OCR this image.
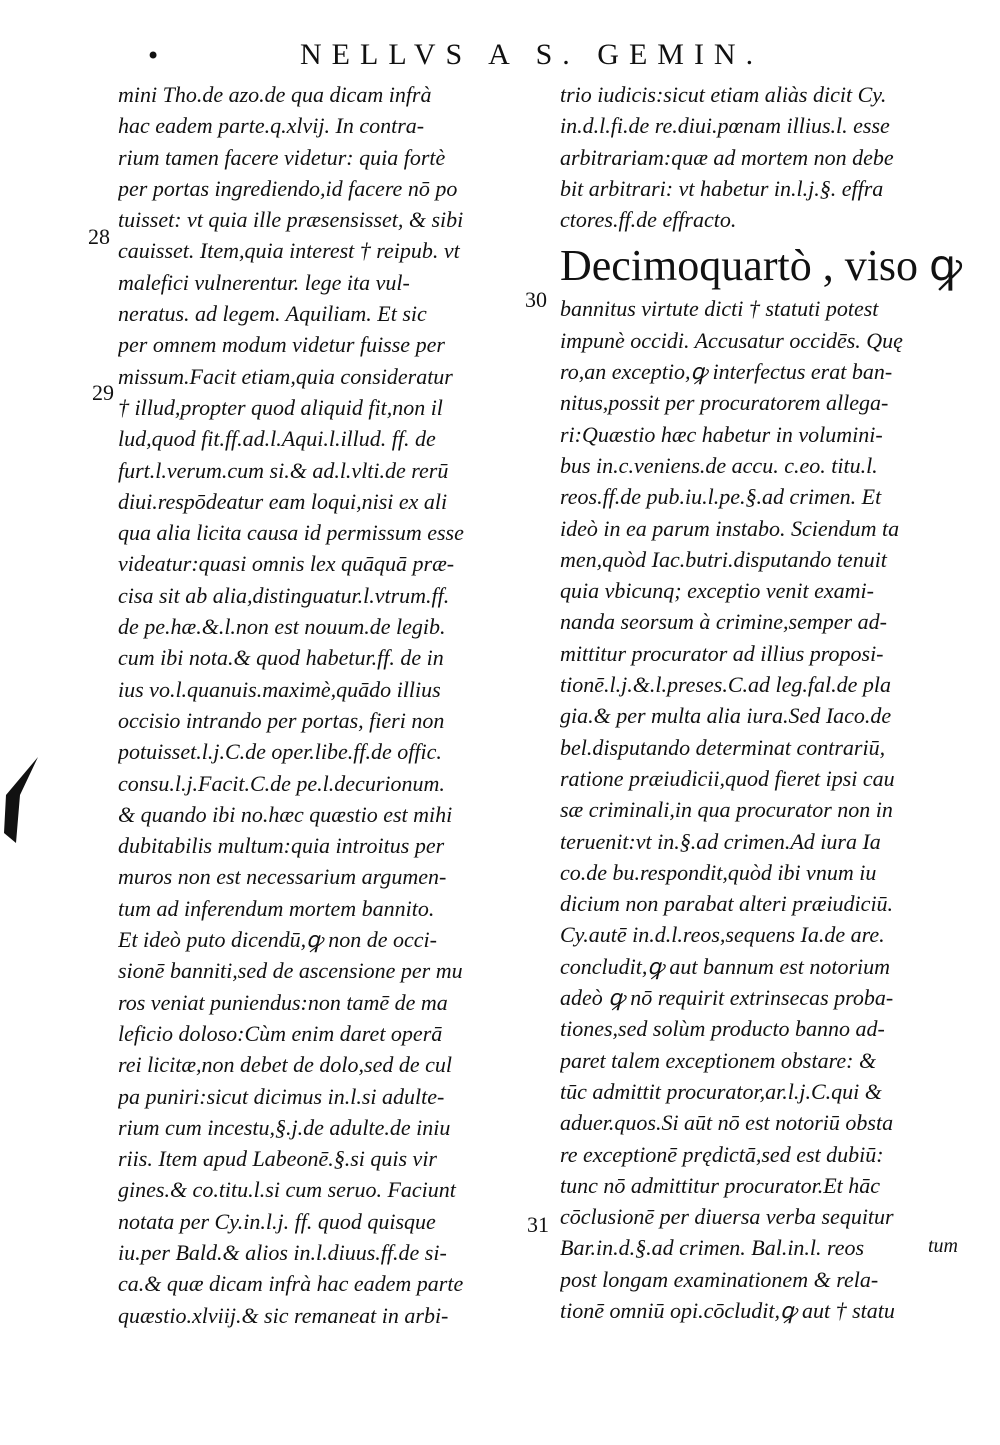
•	NELLVS A S. GEMIN.
mini Tho.de azo.de qua dicam infrà
hac eadem parte.q.xlvij. In contra-
rium tamen facere videtur: quia fortè
per portas ingrediendo,id facere nō po
tuisset: vt quia ille præsensisset, & sibi
cauisset. Item,quia interest † reipub. vt
malefici vulnerentur. lege ita vul-
neratus. ad legem. Aquiliam. Et sic
per omnem modum videtur fuisse per
missum.Facit etiam,quia consideratur
† illud,propter quod aliquid fit,non il
lud,quod fit.ff.ad.l.Aqui.l.illud. ff. de
furt.l.verum.cum si.& ad.l.vlti.de rerū
diui.respōdeatur eam loqui,nisi ex ali
qua alia licita causa id permissum esse
videatur:quasi omnis lex quāquā præ-
cisa sit ab alia,distinguatur.l.vtrum.ff.
de pe.hæ.&.l.non est nouum.de legib.
cum ibi nota.& quod habetur.ff. de in
ius vo.l.quanuis.maximè,quādo illius
occisio intrando per portas, fieri non
potuisset.l.j.C.de oper.libe.ff.de offic.
consu.l.j.Facit.C.de pe.l.decurionum.
& quando ibi no.hæc quæstio est mihi
dubitabilis multum:quia introitus per
muros non est necessarium argumen-
tum ad inferendum mortem bannito.
Et ideò puto dicendū,ꝙ non de occi-
sionē banniti,sed de ascensione per mu
ros veniat puniendus:non tamē de ma
leficio doloso:Cùm enim daret operā
rei licitæ,non debet de dolo,sed de cul
pa puniri:sicut dicimus in.l.si adulte-
rium cum incestu,§.j.de adulte.de iniu
riis. Item apud Labeonē.§.si quis vir
gines.& co.titu.l.si cum seruo. Faciunt
notata per Cy.in.l.j. ff. quod quisque
iu.per Bald.& alios in.l.diuus.ff.de si-
ca.& quæ dicam infrà hac eadem parte
quæstio.xlviij.& sic remaneat in arbi-
trio iudicis:sicut etiam aliàs dicit Cy.
in.d.l.fi.de re.diui.pœnam illius.l. esse
arbitrariam:quæ ad mortem non debe
bit arbitrari: vt habetur in.l.j.§. effra
ctores.ff.de effracto.
Decimoquartò , viso ꝙ
bannitus virtute dicti † statuti potest
impunè occidi. Accusatur occidēs. Quę
ro,an exceptio,ꝙ interfectus erat ban-
nitus,possit per procuratorem allega-
ri:Quæstio hæc habetur in volumini-
bus in.c.veniens.de accu. c.eo. titu.l.
reos.ff.de pub.iu.l.pe.§.ad crimen. Et
ideò in ea parum instabo. Sciendum ta
men,quòd Iac.butri.disputando tenuit
quia vbicunq; exceptio venit exami-
nanda seorsum à crimine,semper ad-
mittitur procurator ad illius proposi-
tionē.l.j.&.l.preses.C.ad leg.fal.de pla
gia.& per multa alia iura.Sed Iaco.de
bel.disputando determinat contrariū,
ratione præiudicii,quod fieret ipsi cau
sæ criminali,in qua procurator non in
teruenit:vt in.§.ad crimen.Ad iura Ia
co.de bu.respondit,quòd ibi vnum iu
dicium non parabat alteri præiudiciū.
Cy.autē in.d.l.reos,sequens Ia.de are.
concludit,ꝙ aut bannum est notorium
adeò ꝙ nō requirit extrinsecas proba-
tiones,sed solùm producto banno ad-
paret talem exceptionem obstare: &
tūc admittit procurator,ar.l.j.C.qui &
aduer.quos.Si aūt nō est notoriū obsta
re exceptionē prędictā,sed est dubiū:
tunc nō admittitur procurator.Et hāc
cōclusionē per diuersa verba sequitur
Bar.in.d.§.ad crimen. Bal.in.l. reos
post longam examinationem & rela-
tionē omniū opi.cōcludit,ꝙ aut † statu
28
29
30
31
tum
